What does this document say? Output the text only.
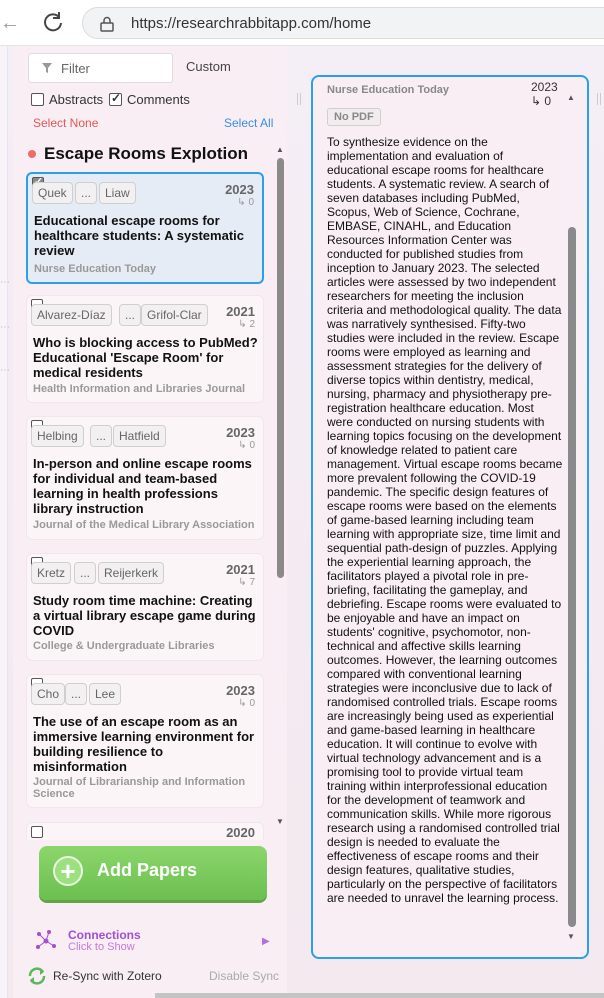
←	https://researchrabbitapp.com/home
⋯
⋯
⋯
Filter	Custom
Abstracts
✓ Comments
Select None	Select All
Escape Rooms Explotion
✓
Quek	...	Liaw	2023
↳ 0
Educational escape rooms for healthcare students: A systematic review
Nurse Education Today
Alvarez-Díaz	... Grifol-Clar	2021
↳ 2
Who is blocking access to PubMed? Educational 'Escape Room' for medical residents
Health Information and Libraries Journal
Helbing	...	Hatfield	2023
↳ 0
In-person and online escape rooms for individual and team-based learning in health professions library instruction
Journal of the Medical Library Association
Kretz	...	Reijerkerk	2021
↳ 7
Study room time machine: Creating a virtual library escape game during COVID
College & Undergraduate Libraries
Cho ...	Lee	2023
↳ 0
The use of an escape room as an immersive learning environment for building resilience to misinformation
Journal of Librarianship and Information Science
2020
▲
▼
+	Add Papers
Connections
Click to Show	▶
Re-Sync with Zotero	Disable Sync
Nurse Education Today	2023
↳ 0
No PDF
To synthesize evidence on the implementation and evaluation of educational escape rooms for healthcare students. A systematic review. A search of seven databases including PubMed, Scopus, Web of Science, Cochrane, EMBASE, CINAHL, and Education Resources Information Center was conducted for published studies from inception to January 2023. The selected articles were assessed by two independent researchers for meeting the inclusion criteria and methodological quality. The data was narratively synthesised. Fifty-two studies were included in the review. Escape rooms were employed as learning and assessment strategies for the delivery of diverse topics within dentistry, medical, nursing, pharmacy and physiotherapy pre-registration healthcare education. Most were conducted on nursing students with learning topics focusing on the development of knowledge related to patient care management. Virtual escape rooms became more prevalent following the COVID-19 pandemic. The specific design features of escape rooms were based on the elements of game-based learning including team learning with appropriate size, time limit and sequential path-design of puzzles. Applying the experiential learning approach, the facilitators played a pivotal role in pre-briefing, facilitating the gameplay, and debriefing. Escape rooms were evaluated to be enjoyable and have an impact on students' cognitive, psychomotor, non-technical and affective skills learning outcomes. However, the learning outcomes compared with conventional learning strategies were inconclusive due to lack of randomised controlled trials. Escape rooms are increasingly being used as experiential and game-based learning in healthcare education. It will continue to evolve with virtual technology advancement and is a promising tool to provide virtual team training within interprofessional education for the development of teamwork and communication skills. While more rigorous research using a randomised controlled trial design is needed to evaluate the effectiveness of escape rooms and their design features, qualitative studies, particularly on the perspective of facilitators are needed to unravel the learning process.
▲
▼
